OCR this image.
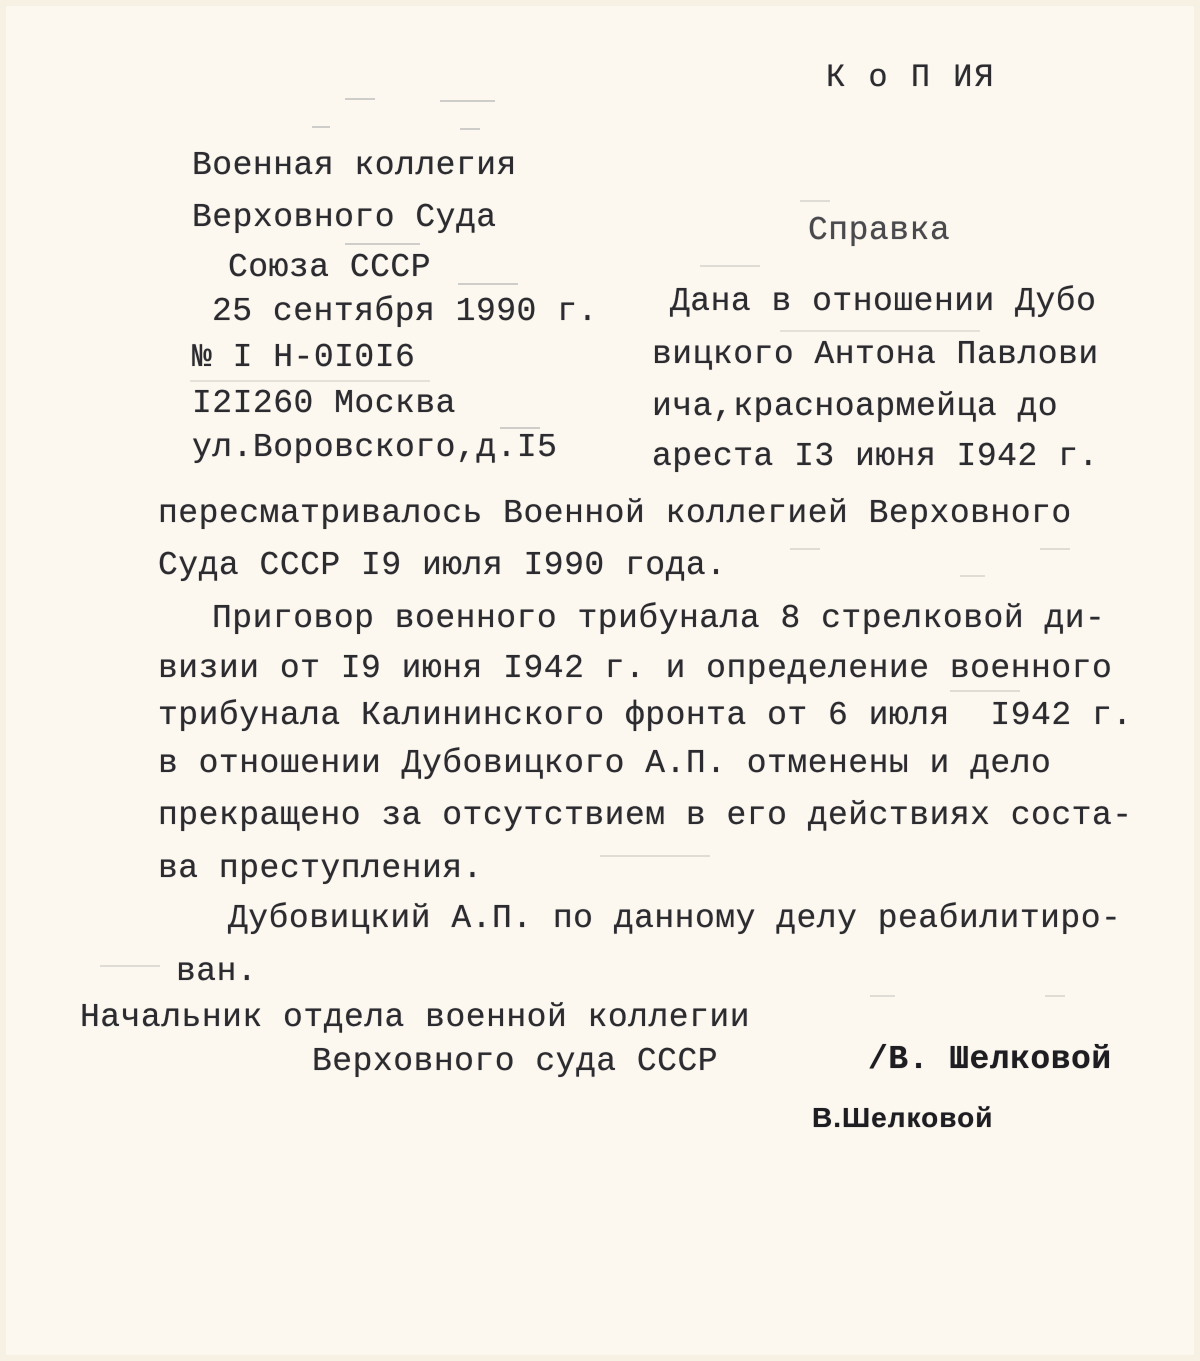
К о П ИЯ
Военная коллегия
Верховного Суда
Союза СССР
25 сентября 1990 г.
№ I Н-0I0I6
I2I260 Москва
ул.Воровского,д.I5
Справка
Дана в отношении Дубо
вицкого Антона Павлови
ича,красноармейца до
ареста I3 июня I942 г.
пересматривалось Военной коллегией Верховного
Суда СССР I9 июля I990 года.
Приговор военного трибунала 8 стрелковой ди-
визии от I9 июня I942 г. и определение военного
трибунала Калининского фронта от 6 июля  I942 г.
в отношении Дубовицкого А.П. отменены и дело
прекращено за отсутствием в его действиях соста-
ва преступления.
Дубовицкий А.П. по данному делу реабилитиро-
ван.
Начальник отдела военной коллегии
Верховного суда СССР	/В. Шелковой
В.Шелковой
